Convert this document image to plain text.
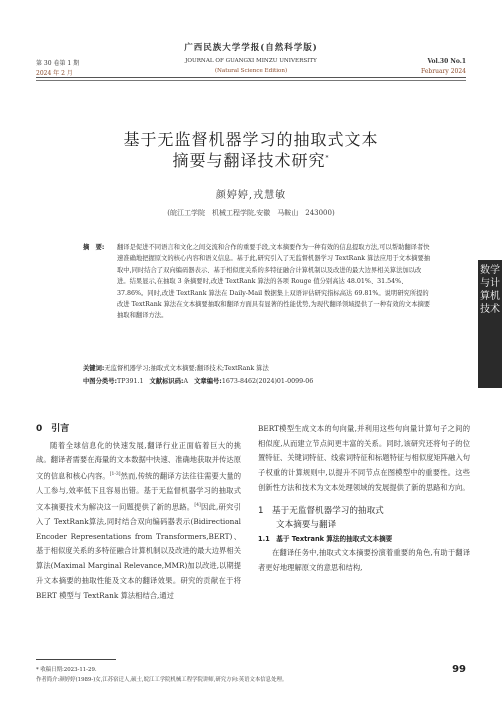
广西民族大学学报(自然科学版)
第 30 卷第 1 期	JOURNAL OF GUANGXI MINZU UNIVERSITY	Vol.30 No.1
2024 年 2 月	(Natural Science Edition)	February 2024
基于无监督机器学习的抽取式文本
摘要与翻译技术研究*
颜婷婷,戎慧敏
(皖江工学院　机械工程学院,安徽　马鞍山　243000)
摘　要:	翻译是促进不同语言和文化之间交流和合作的重要手段,文本摘要作为一种有效的信息提取方法,可以帮助翻译者快速准确地把握原文的核心内容和语义信息。基于此,研究引入了无监督机器学习 TextRank 算法应用于文本摘要抽取中,同时结合了双向编码器表示、基于相似度关系的多特征融合计算机制以及改进的最大边界相关算法加以改进。结果显示,在抽取 3 条摘要时,改进 TextRank 算法的各项 Rouge 值分别高达 48.01%、31.54%、37.86%。同时,改进 TextRank 算法在 Daily-Mail 数据集上双语评估研究指标高达 69.81%。说明研究所提的改进 TextRank 算法在文本摘要抽取和翻译方面具有显著的性能优势,为现代翻译领域提供了一种有效的文本摘要抽取和翻译方法。
关键词:无监督机器学习;抽取式文本摘要;翻译技术;TextRank 算法
中图分类号:TP391.1 文献标识码:A 文章编号:1673-8462(2024)01-0099-06
数学与计算机技术
0　引言
随着全球信息化的快速发展,翻译行业正面临着巨大的挑战。翻译者需要在海量的文本数据中快速、准确地获取并传达原文的信息和核心内容。[1-3]然而,传统的翻译方法往往需要大量的人工参与,效率低下且容易出错。基于无监督机器学习的抽取式文本摘要技术为解决这一问题提供了新的思路。[4]因此,研究引入了 TextRank算法,同时结合双向编码器表示(Bidirectional Encoder Representations from Transformers,BERT)、基于相似度关系的多特征融合计算机制以及改进的最大边界相关算法(Maximal Marginal Relevance,MMR)加以改进,以期提升文本摘要的抽取性能及文本的翻译效果。研究的贡献在于将 BERT 模型与 TextRank 算法相结合,通过
BERT模型生成文本的句向量,并利用这些句向量计算句子之间的相似度,从而建立节点间更丰富的关系。同时,该研究还将句子的位置特征、关键词特征、线索词特征和标题特征与相似度矩阵融入句子权重的计算规则中,以提升不同节点在图模型中的重要性。这些创新性方法和技术为文本处理领域的发展提供了新的思路和方向。
1　基于无监督机器学习的抽取式
文本摘要与翻译
1.1　基于 Textrank 算法的抽取式文本摘要
在翻译任务中,抽取式文本摘要扮演着重要的角色,有助于翻译者更好地理解原文的意思和结构,
* 收稿日期:2023-11-29.
作者简介:颜婷婷(1989-)女,江苏宿迁人,硕士,皖江工学院机械工程学院讲师,研究方向:英语文本信息处理。
99
